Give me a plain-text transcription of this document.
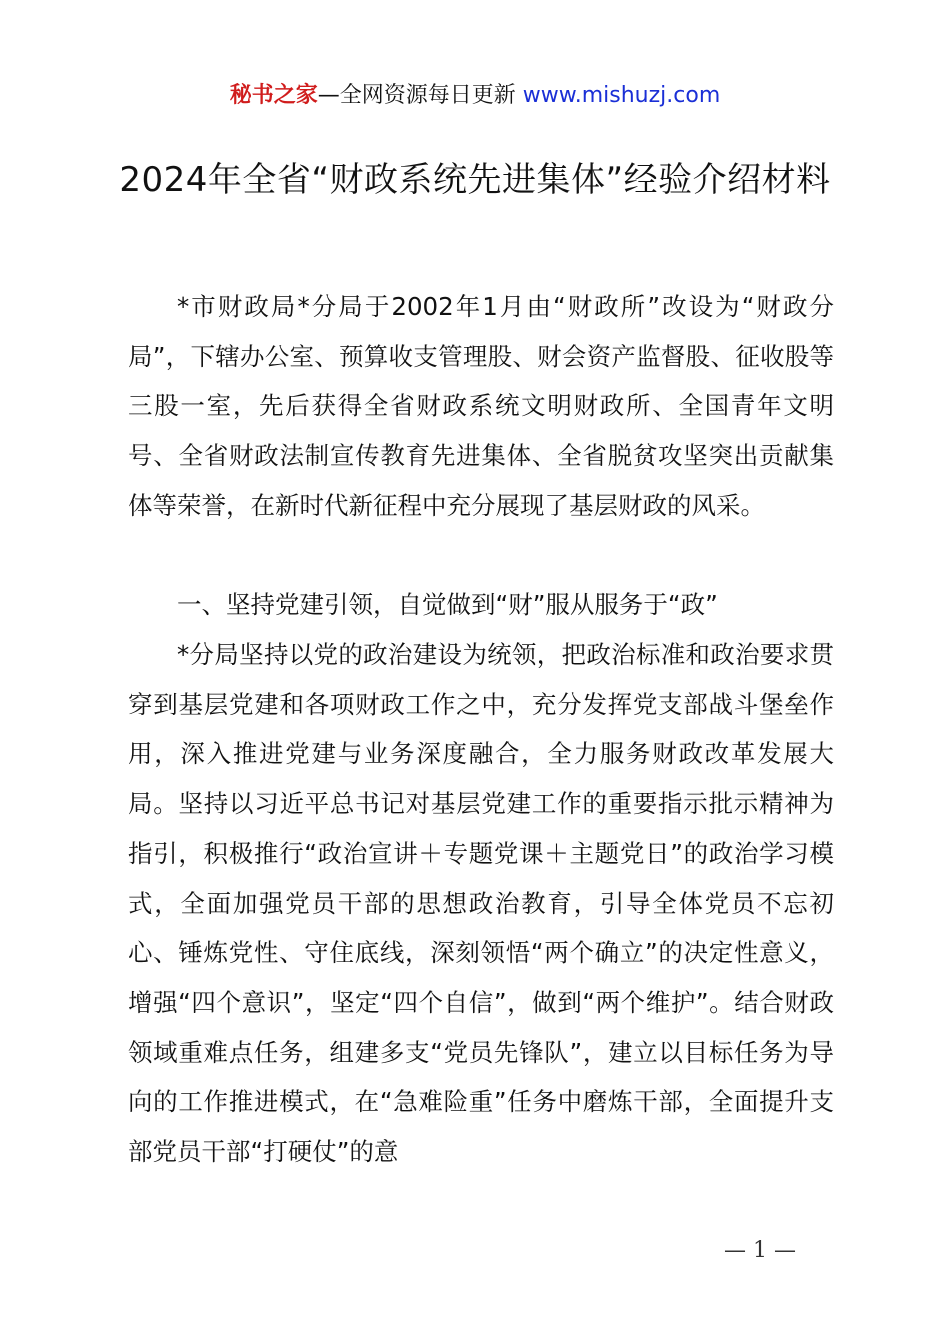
秘书之家—全网资源每日更新 www.mishuzj.com
2024年全省“财政系统先进集体”经验介绍材料

*市财政局*分局于2002年1月由“财政所”改设为“财政分局”，下辖办公室、预算收支管理股、财会资产监督股、征收股等三股一室，先后获得全省财政系统文明财政所、全国青年文明号、全省财政法制宣传教育先进集体、全省脱贫攻坚突出贡献集体等荣誉，在新时代新征程中充分展现了基层财政的风采。

一、坚持党建引领，自觉做到“财”服从服务于“政”

*分局坚持以党的政治建设为统领，把政治标准和政治要求贯穿到基层党建和各项财政工作之中，充分发挥党支部战斗堡垒作用，深入推进党建与业务深度融合，全力服务财政改革发展大局。坚持以习近平总书记对基层党建工作的重要指示批示精神为指引，积极推行“政治宣讲＋专题党课＋主题党日”的政治学习模式，全面加强党员干部的思想政治教育，引导全体党员不忘初心、锤炼党性、守住底线，深刻领悟“两个确立”的决定性意义，增强“四个意识”，坚定“四个自信”，做到“两个维护”。结合财政领域重难点任务，组建多支“党员先锋队”，建立以目标任务为导向的工作推进模式，在“急难险重”任务中磨炼干部，全面提升支部党员干部“打硬仗”的意

— 1 —
